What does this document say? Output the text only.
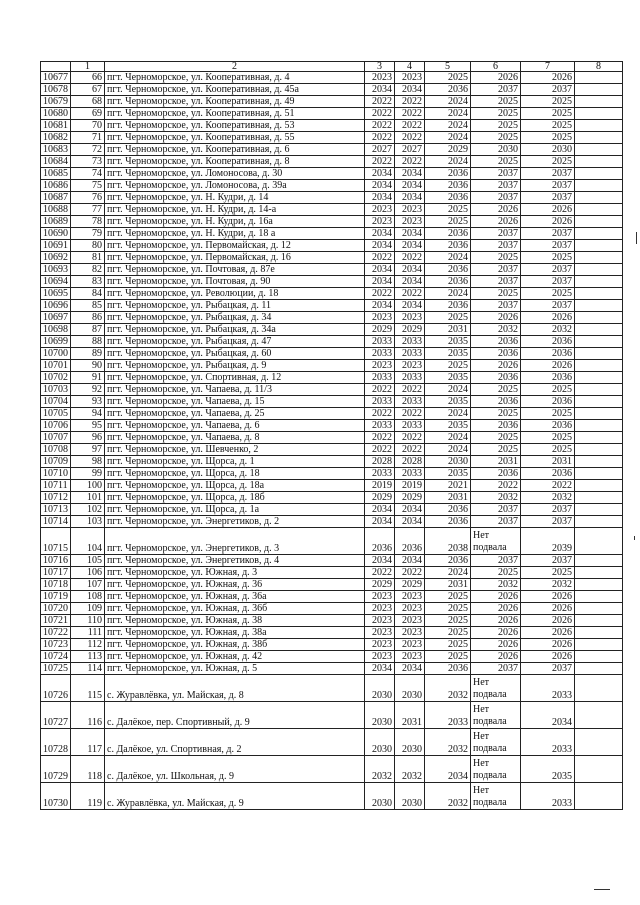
	1	2	3	4	5	6	7	8
10677	66	пгт. Черноморское, ул. Кооперативная, д. 4	2023	2023	2025	2026	2026	
10678	67	пгт. Черноморское, ул. Кооперативная, д. 45а	2034	2034	2036	2037	2037	
10679	68	пгт. Черноморское, ул. Кооперативная, д. 49	2022	2022	2024	2025	2025	
10680	69	пгт. Черноморское, ул. Кооперативная, д. 51	2022	2022	2024	2025	2025	
10681	70	пгт. Черноморское, ул. Кооперативная, д. 53	2022	2022	2024	2025	2025	
10682	71	пгт. Черноморское, ул. Кооперативная, д. 55	2022	2022	2024	2025	2025	
10683	72	пгт. Черноморское, ул. Кооперативная, д. 6	2027	2027	2029	2030	2030	
10684	73	пгт. Черноморское, ул. Кооперативная, д. 8	2022	2022	2024	2025	2025	
10685	74	пгт. Черноморское, ул. Ломоносова, д. 30	2034	2034	2036	2037	2037	
10686	75	пгт. Черноморское, ул. Ломоносова, д. 39а	2034	2034	2036	2037	2037	
10687	76	пгт. Черноморское, ул. Н. Кудри, д. 14	2034	2034	2036	2037	2037	
10688	77	пгт. Черноморское, ул. Н. Кудри, д. 14-а	2023	2023	2025	2026	2026	
10689	78	пгт. Черноморское, ул. Н. Кудри, д. 16а	2023	2023	2025	2026	2026	
10690	79	пгт. Черноморское, ул. Н. Кудри, д. 18 а	2034	2034	2036	2037	2037	
10691	80	пгт. Черноморское, ул. Первомайская, д. 12	2034	2034	2036	2037	2037	
10692	81	пгт. Черноморское, ул. Первомайская, д. 16	2022	2022	2024	2025	2025	
10693	82	пгт. Черноморское, ул. Почтовая, д. 87е	2034	2034	2036	2037	2037	
10694	83	пгт. Черноморское, ул. Почтовая, д. 90	2034	2034	2036	2037	2037	
10695	84	пгт. Черноморское, ул. Революции, д. 18	2022	2022	2024	2025	2025	
10696	85	пгт. Черноморское, ул. Рыбацкая, д. 11	2034	2034	2036	2037	2037	
10697	86	пгт. Черноморское, ул. Рыбацкая, д. 34	2023	2023	2025	2026	2026	
10698	87	пгт. Черноморское, ул. Рыбацкая, д. 34а	2029	2029	2031	2032	2032	
10699	88	пгт. Черноморское, ул. Рыбацкая, д. 47	2033	2033	2035	2036	2036	
10700	89	пгт. Черноморское, ул. Рыбацкая, д. 60	2033	2033	2035	2036	2036	
10701	90	пгт. Черноморское, ул. Рыбацкая, д. 9	2023	2023	2025	2026	2026	
10702	91	пгт. Черноморское, ул. Спортивная, д. 12	2033	2033	2035	2036	2036	
10703	92	пгт. Черноморское, ул. Чапаева, д. 11/3	2022	2022	2024	2025	2025	
10704	93	пгт. Черноморское, ул. Чапаева, д. 15	2033	2033	2035	2036	2036	
10705	94	пгт. Черноморское, ул. Чапаева, д. 25	2022	2022	2024	2025	2025	
10706	95	пгт. Черноморское, ул. Чапаева, д. 6	2033	2033	2035	2036	2036	
10707	96	пгт. Черноморское, ул. Чапаева, д. 8	2022	2022	2024	2025	2025	
10708	97	пгт. Черноморское, ул. Шевченко, 2	2022	2022	2024	2025	2025	
10709	98	пгт. Черноморское, ул. Щорса, д. 1	2028	2028	2030	2031	2031	
10710	99	пгт. Черноморское, ул. Щорса, д. 18	2033	2033	2035	2036	2036	
10711	100	пгт. Черноморское, ул. Щорса, д. 18а	2019	2019	2021	2022	2022	
10712	101	пгт. Черноморское, ул. Щорса, д. 18б	2029	2029	2031	2032	2032	
10713	102	пгт. Черноморское, ул. Щорса, д. 1а	2034	2034	2036	2037	2037	
10714	103	пгт. Черноморское, ул. Энергетиков, д. 2	2034	2034	2036	2037	2037	
10715	104	пгт. Черноморское, ул. Энергетиков, д. 3	2036	2036	2038	Нет подвала	2039	
10716	105	пгт. Черноморское, ул. Энергетиков, д. 4	2034	2034	2036	2037	2037	
10717	106	пгт. Черноморское, ул. Южная, д. 3	2022	2022	2024	2025	2025	
10718	107	пгт. Черноморское, ул. Южная, д. 36	2029	2029	2031	2032	2032	
10719	108	пгт. Черноморское, ул. Южная, д. 36а	2023	2023	2025	2026	2026	
10720	109	пгт. Черноморское, ул. Южная, д. 36б	2023	2023	2025	2026	2026	
10721	110	пгт. Черноморское, ул. Южная, д. 38	2023	2023	2025	2026	2026	
10722	111	пгт. Черноморское, ул. Южная, д. 38а	2023	2023	2025	2026	2026	
10723	112	пгт. Черноморское, ул. Южная, д. 38б	2023	2023	2025	2026	2026	
10724	113	пгт. Черноморское, ул. Южная, д. 42	2023	2023	2025	2026	2026	
10725	114	пгт. Черноморское, ул. Южная, д. 5	2034	2034	2036	2037	2037	
10726	115	с. Журавлёвка, ул. Майская, д. 8	2030	2030	2032	Нет подвала	2033	
10727	116	с. Далёкое, пер. Спортивный, д. 9	2030	2031	2033	Нет подвала	2034	
10728	117	с. Далёкое, ул. Спортивная, д. 2	2030	2030	2032	Нет подвала	2033	
10729	118	с. Далёкое, ул. Школьная, д. 9	2032	2032	2034	Нет подвала	2035	
10730	119	с. Журавлёвка, ул. Майская, д. 9	2030	2030	2032	Нет подвала	2033	
